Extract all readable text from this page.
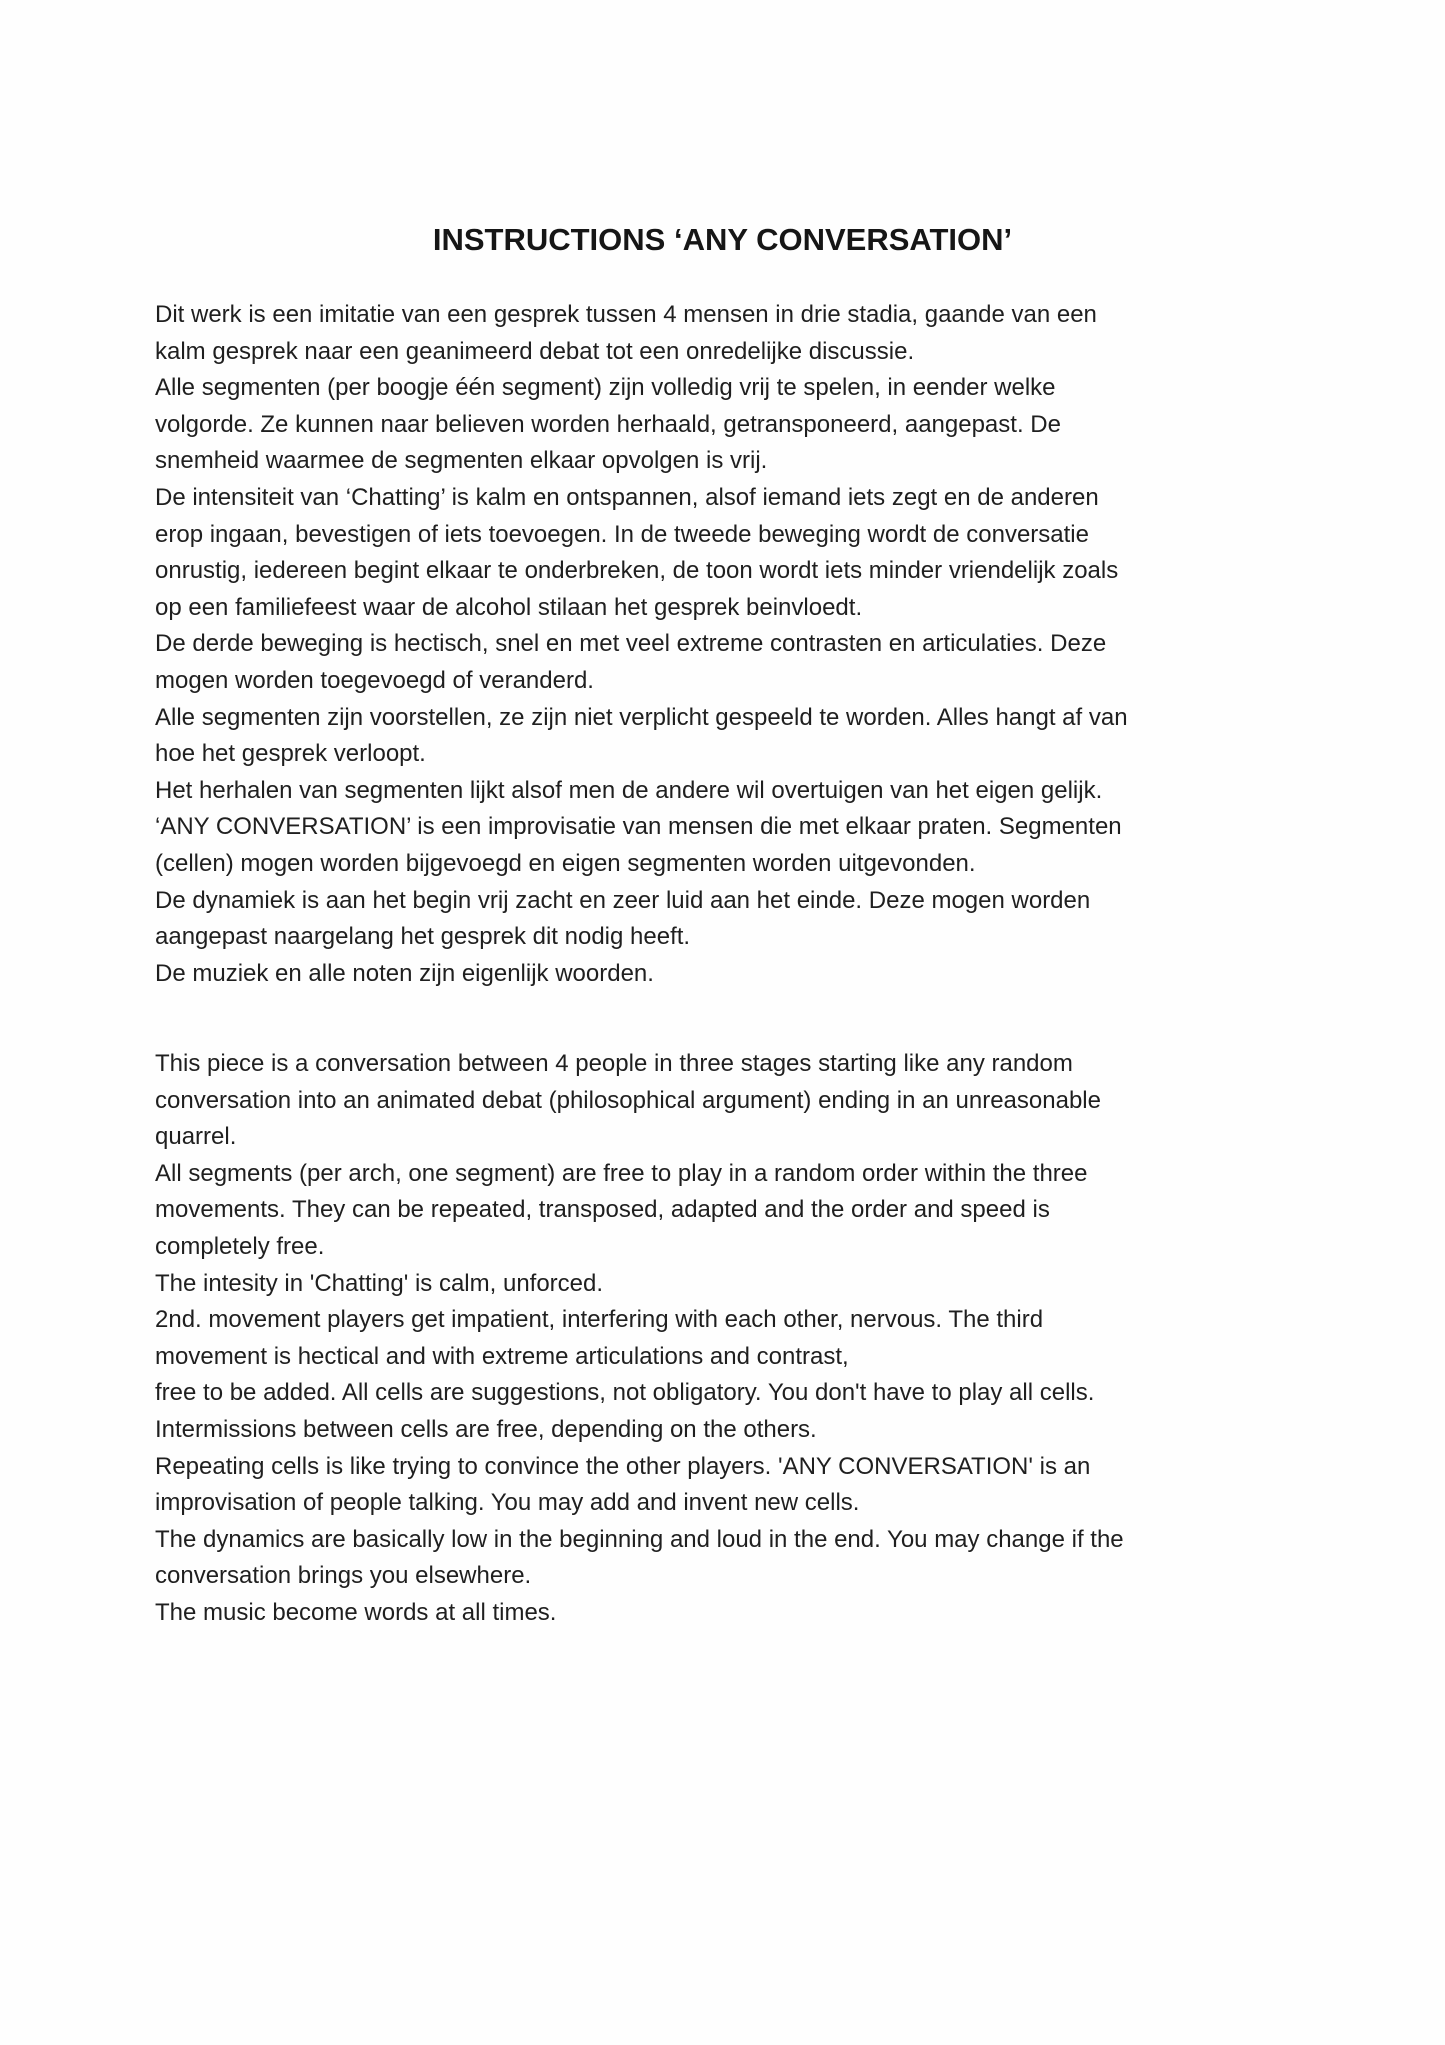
INSTRUCTIONS ‘ANY CONVERSATION’
Dit werk is een imitatie van een gesprek tussen 4 mensen in drie stadia, gaande van een
kalm gesprek naar een geanimeerd debat tot een onredelijke discussie.
Alle segmenten (per boogje één segment) zijn volledig vrij te spelen, in eender welke
volgorde. Ze kunnen naar believen worden herhaald, getransponeerd, aangepast. De
snemheid waarmee de segmenten elkaar opvolgen is vrij.
De intensiteit van ‘Chatting’ is kalm en ontspannen, alsof iemand iets zegt en de anderen
erop ingaan, bevestigen of iets toevoegen. In de tweede beweging wordt de conversatie
onrustig, iedereen begint elkaar te onderbreken, de toon wordt iets minder vriendelijk zoals
op een familiefeest waar de alcohol stilaan het gesprek beinvloedt.
De derde beweging is hectisch, snel en met veel extreme contrasten en articulaties. Deze
mogen worden toegevoegd of veranderd.
Alle segmenten zijn voorstellen, ze zijn niet verplicht gespeeld te worden. Alles hangt af van
hoe het gesprek verloopt.
Het herhalen van segmenten lijkt alsof men de andere wil overtuigen van het eigen gelijk.
‘ANY CONVERSATION’ is een improvisatie van mensen die met elkaar praten. Segmenten
(cellen) mogen worden bijgevoegd en eigen segmenten worden uitgevonden.
De dynamiek is aan het begin vrij zacht en zeer luid aan het einde. Deze mogen worden
aangepast naargelang het gesprek dit nodig heeft.
De muziek en alle noten zijn eigenlijk woorden.
This piece is a conversation between 4 people in three stages starting like any random
conversation into an animated debat (philosophical argument) ending in an unreasonable
quarrel.
All segments (per arch, one segment) are free to play in a random order within the three
movements. They can be repeated, transposed, adapted and the order and speed is
completely free.
The intesity in 'Chatting' is calm, unforced.
2nd. movement players get impatient, interfering with each other, nervous. The third
movement is hectical and with extreme articulations and contrast,
free to be added. All cells are suggestions, not obligatory. You don't have to play all cells.
Intermissions between cells are free, depending on the others.
Repeating cells is like trying to convince the other players. 'ANY CONVERSATION' is an
improvisation of people talking. You may add and invent new cells.
The dynamics are basically low in the beginning and loud in the end. You may change if the
conversation brings you elsewhere.
The music become words at all times.
